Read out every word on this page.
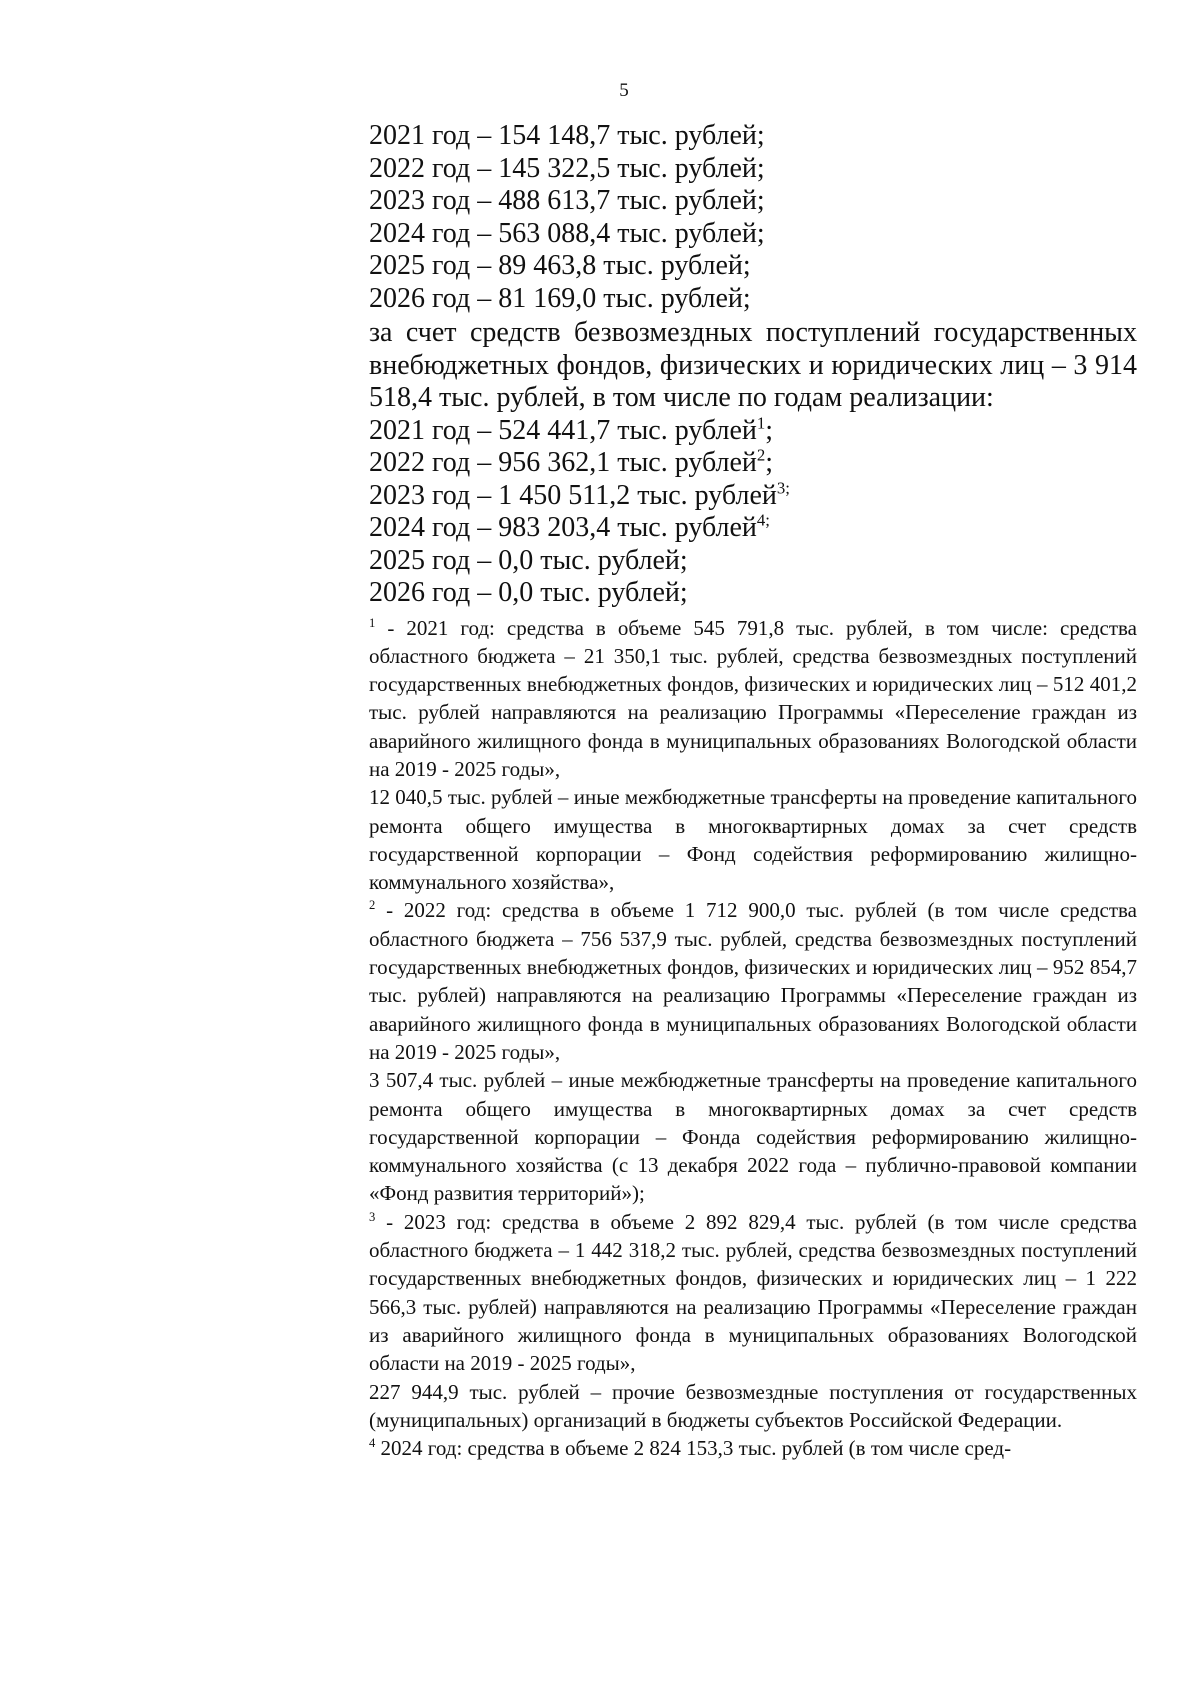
5
2021 год – 154 148,7 тыс. рублей;
2022 год – 145 322,5 тыс. рублей;
2023 год – 488 613,7 тыс. рублей;
2024 год – 563 088,4 тыс. рублей;
2025 год – 89 463,8 тыс. рублей;
2026 год – 81 169,0 тыс. рублей;
за счет средств безвозмездных поступлений государственных внебюджетных фондов, физических и юридических лиц – 3 914 518,4 тыс. рублей, в том числе по годам реализации:
2021 год – 524 441,7 тыс. рублей$^1$;
2022 год – 956 362,1 тыс. рублей$^2$;
2023 год – 1 450 511,2 тыс. рублей$^{3;}$
2024 год – 983 203,4 тыс. рублей$^{4;}$
2025 год – 0,0 тыс. рублей;
2026 год – 0,0 тыс. рублей;
$^1$ - 2021 год: средства в объеме 545 791,8 тыс. рублей, в том числе: средства областного бюджета – 21 350,1 тыс. рублей, средства безвозмездных поступлений государственных внебюджетных фондов, физических и юридических лиц – 512 401,2 тыс. рублей направляются на реализацию Программы «Переселение граждан из аварийного жилищного фонда в муниципальных образованиях Вологодской области на 2019 - 2025 годы»,
12 040,5 тыс. рублей – иные межбюджетные трансферты на проведение капитального ремонта общего имущества в многоквартирных домах за счет средств государственной корпорации – Фонд содействия реформированию жилищно-коммунального хозяйства»,
$^2$ - 2022 год: средства в объеме 1 712 900,0 тыс. рублей (в том числе средства областного бюджета – 756 537,9 тыс. рублей, средства безвозмездных поступлений государственных внебюджетных фондов, физических и юридических лиц – 952 854,7 тыс. рублей) направляются на реализацию Программы «Переселение граждан из аварийного жилищного фонда в муниципальных образованиях Вологодской области на 2019 - 2025 годы»,
3 507,4 тыс. рублей – иные межбюджетные трансферты на проведение капитального ремонта общего имущества в многоквартирных домах за счет средств государственной корпорации – Фонда содействия реформированию жилищно-коммунального хозяйства (с 13 декабря 2022 года – публично-правовой компании «Фонд развития территорий»);
$^3$ - 2023 год: средства в объеме 2 892 829,4 тыс. рублей (в том числе средства областного бюджета – 1 442 318,2 тыс. рублей, средства безвозмездных поступлений государственных внебюджетных фондов, физических и юридических лиц – 1 222 566,3 тыс. рублей) направляются на реализацию Программы «Переселение граждан из аварийного жилищного фонда в муниципальных образованиях Вологодской области на 2019 - 2025 годы»,
227 944,9 тыс. рублей – прочие безвозмездные поступления от государственных (муниципальных) организаций в бюджеты субъектов Российской Федерации.
$^4$ 2024 год: средства в объеме 2 824 153,3 тыс. рублей (в том числе сред-
